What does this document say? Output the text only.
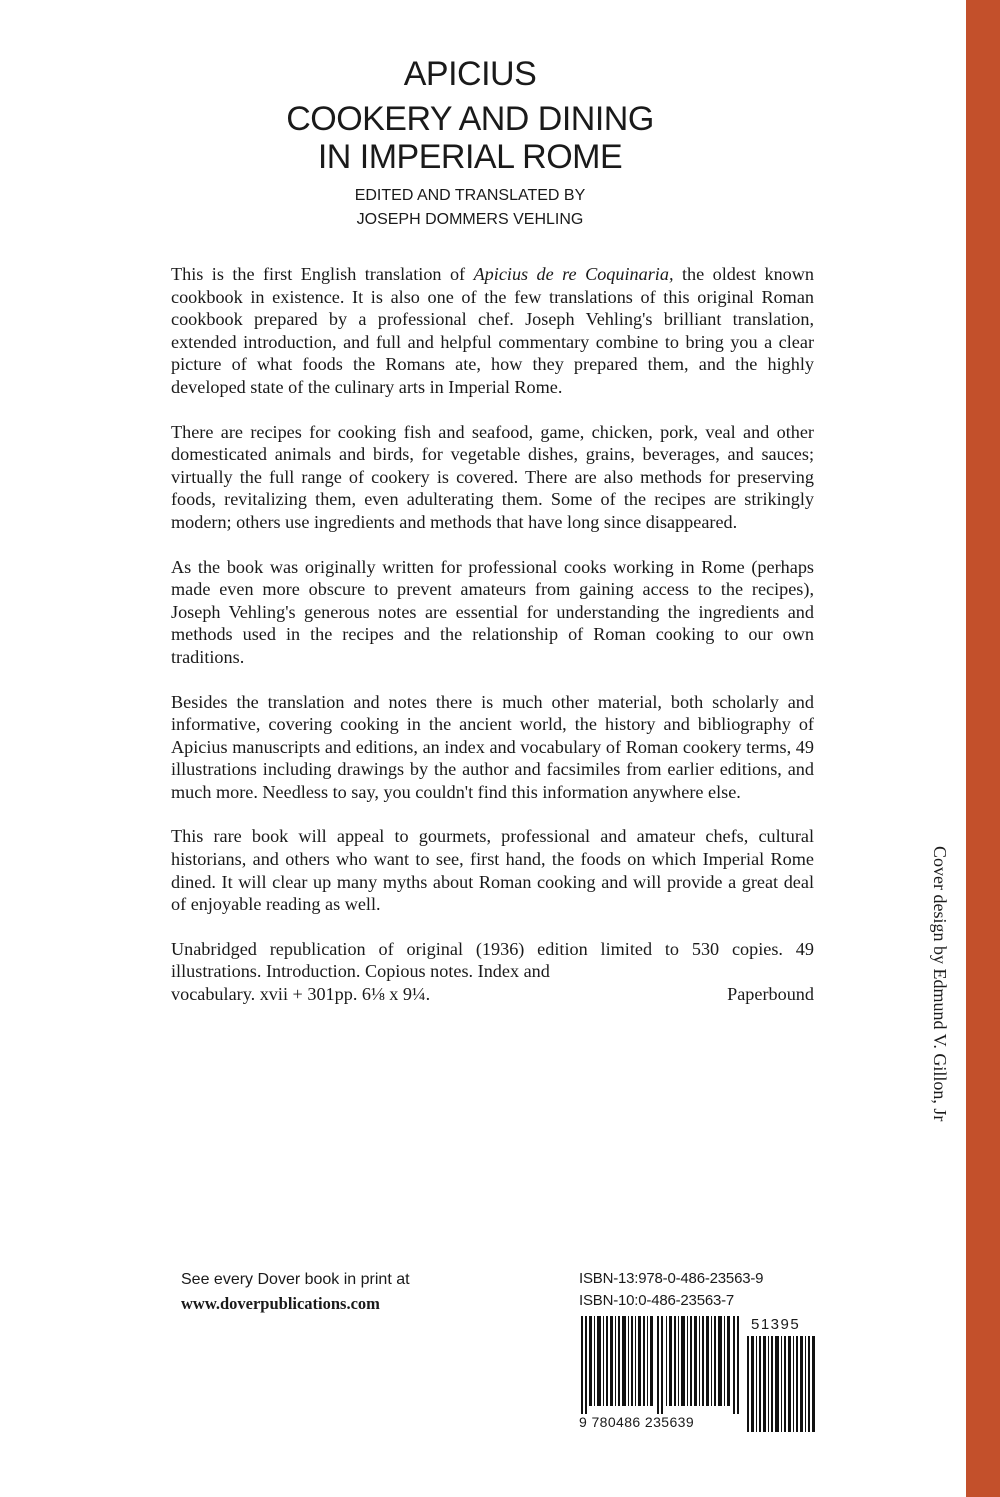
APICIUS
COOKERY AND DINING
IN IMPERIAL ROME
EDITED AND TRANSLATED BY
JOSEPH DOMMERS VEHLING

This is the first English translation of Apicius de re Coquinaria, the oldest known cookbook in existence. It is also one of the few translations of this original Roman cookbook prepared by a professional chef. Joseph Vehling's brilliant translation, extended introduction, and full and helpful commentary combine to bring you a clear picture of what foods the Romans ate, how they prepared them, and the highly developed state of the culinary arts in Imperial Rome.

There are recipes for cooking fish and seafood, game, chicken, pork, veal and other domesticated animals and birds, for vegetable dishes, grains, beverages, and sauces; virtually the full range of cookery is covered. There are also methods for preserving foods, revitalizing them, even adulterating them. Some of the recipes are strikingly modern; others use ingredients and methods that have long since disappeared.

As the book was originally written for professional cooks working in Rome (perhaps made even more obscure to prevent amateurs from gaining access to the recipes), Joseph Vehling's generous notes are essential for understanding the ingredients and methods used in the recipes and the relationship of Roman cooking to our own traditions.

Besides the translation and notes there is much other material, both scholarly and informative, covering cooking in the ancient world, the history and bibliography of Apicius manuscripts and editions, an index and vocabulary of Roman cookery terms, 49 illustrations including drawings by the author and facsimiles from earlier editions, and much more. Needless to say, you couldn't find this information anywhere else.

This rare book will appeal to gourmets, professional and amateur chefs, cultural historians, and others who want to see, first hand, the foods on which Imperial Rome dined. It will clear up many myths about Roman cooking and will provide a great deal of enjoyable reading as well.

Unabridged republication of original (1936) edition limited to 530 copies. 49 illustrations. Introduction. Copious notes. Index and
vocabulary. xvii + 301pp. 6⅛ x 9¼.	Paperbound	Cover design by Edmund V. Gillon, Jr
See every Dover book in print at
www.doverpublications.com
ISBN-13:978-0-486-23563-9
ISBN-10:0-486-23563-7
9 780486 235639
51395
